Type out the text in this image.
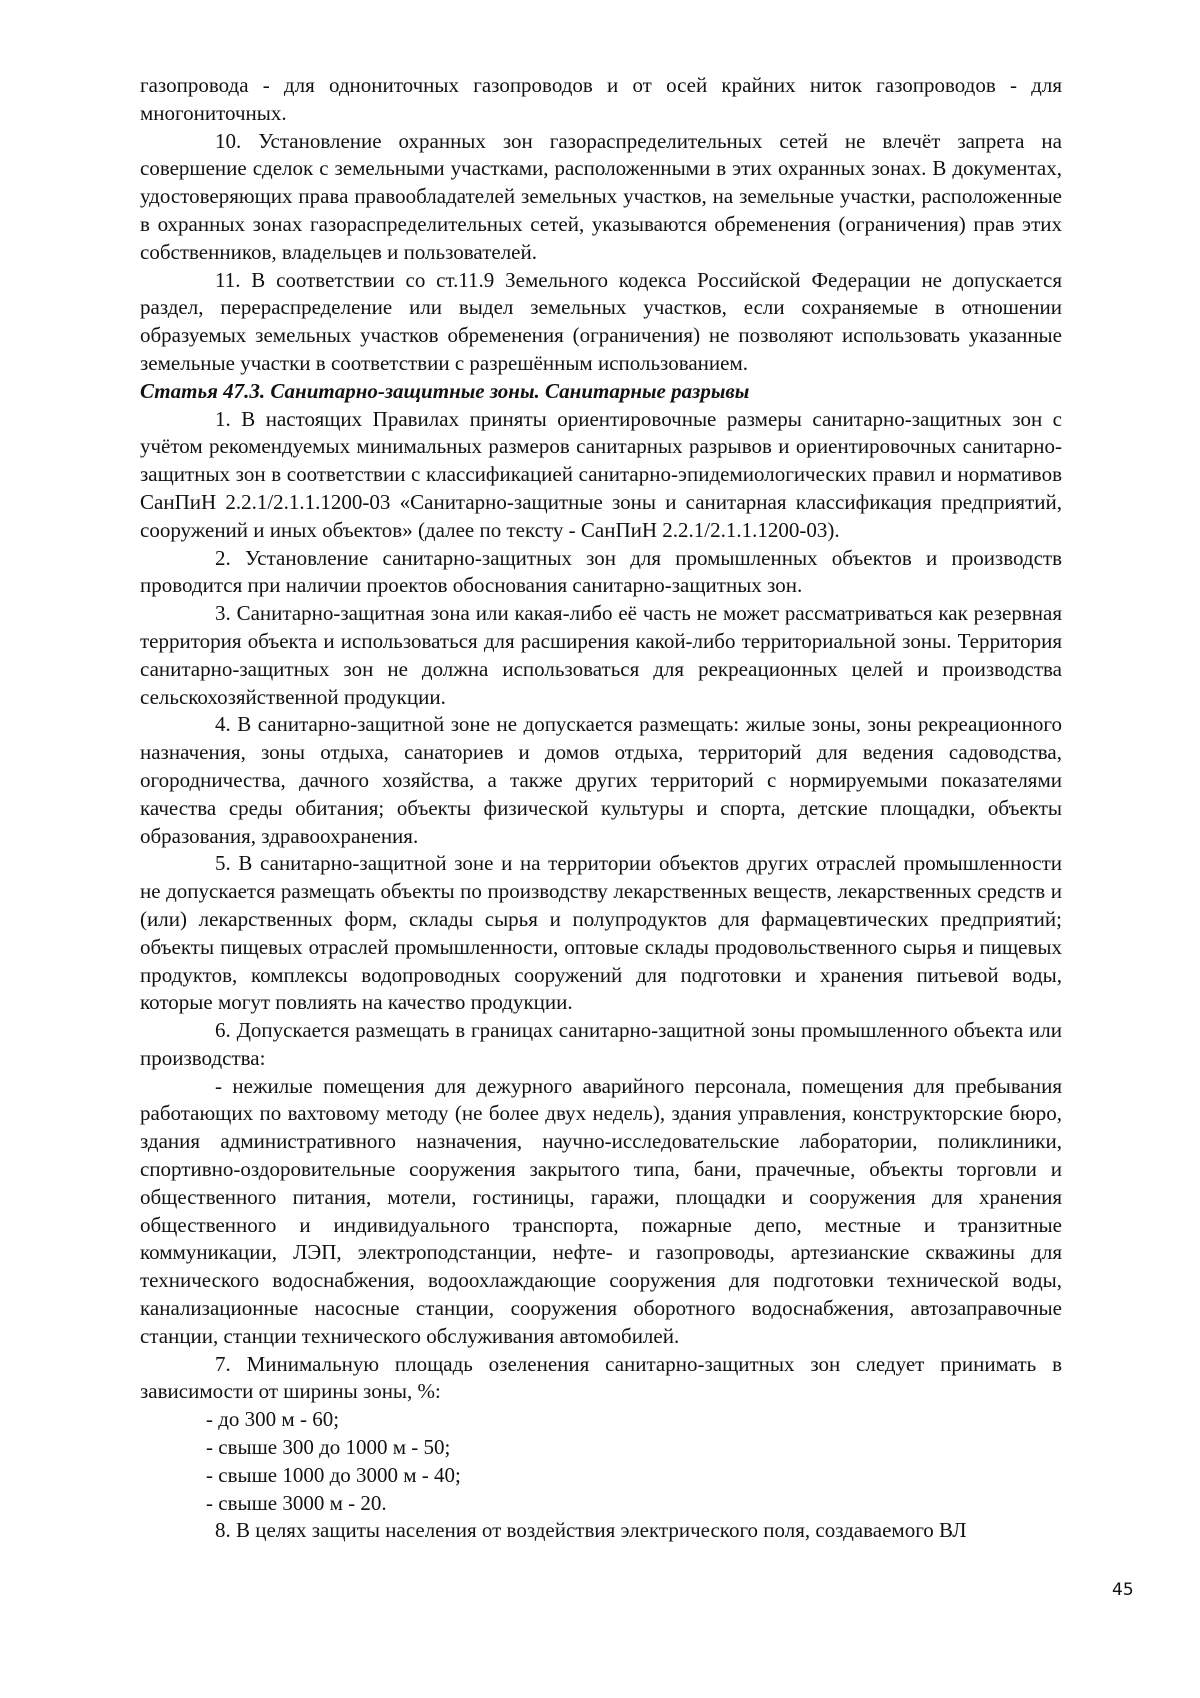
газопровода - для однониточных газопроводов и от осей крайних ниток газопроводов - для многониточных.

10. Установление охранных зон газораспределительных сетей не влечёт запрета на совершение сделок с земельными участками, расположенными в этих охранных зонах. В документах, удостоверяющих права правообладателей земельных участков, на земельные участки, расположенные в охранных зонах газораспределительных сетей, указываются обременения (ограничения) прав этих собственников, владельцев и пользователей.

11. В соответствии со ст.11.9 Земельного кодекса Российской Федерации не допускается раздел, перераспределение или выдел земельных участков, если сохраняемые в отношении образуемых земельных участков обременения (ограничения) не позволяют использовать указанные земельные участки в соответствии с разрешённым использованием.

Статья 47.3. Санитарно-защитные зоны. Санитарные разрывы

1. В настоящих Правилах приняты ориентировочные размеры санитарно-защитных зон с учётом рекомендуемых минимальных размеров санитарных разрывов и ориентировочных санитарно-защитных зон в соответствии с классификацией санитарно-эпидемиологических правил и нормативов СанПиН 2.2.1/2.1.1.1200-03 «Санитарно-защитные зоны и санитарная классификация предприятий, сооружений и иных объектов» (далее по тексту - СанПиН 2.2.1/2.1.1.1200-03).

2. Установление санитарно-защитных зон для промышленных объектов и производств проводится при наличии проектов обоснования санитарно-защитных зон.

3. Санитарно-защитная зона или какая-либо её часть не может рассматриваться как резервная территория объекта и использоваться для расширения какой-либо территориальной зоны. Территория санитарно-защитных зон не должна использоваться для рекреационных целей и производства сельскохозяйственной продукции.

4. В санитарно-защитной зоне не допускается размещать: жилые зоны, зоны рекреационного назначения, зоны отдыха, санаториев и домов отдыха, территорий для ведения садоводства, огородничества, дачного хозяйства, а также других территорий с нормируемыми показателями качества среды обитания; объекты физической культуры и спорта, детские площадки, объекты образования, здравоохранения.

5. В санитарно-защитной зоне и на территории объектов других отраслей промышленности не допускается размещать объекты по производству лекарственных веществ, лекарственных средств и (или) лекарственных форм, склады сырья и полупродуктов для фармацевтических предприятий; объекты пищевых отраслей промышленности, оптовые склады продовольственного сырья и пищевых продуктов, комплексы водопроводных сооружений для подготовки и хранения питьевой воды, которые могут повлиять на качество продукции.

6. Допускается размещать в границах санитарно-защитной зоны промышленного объекта или производства:

- нежилые помещения для дежурного аварийного персонала, помещения для пребывания работающих по вахтовому методу (не более двух недель), здания управления, конструкторские бюро, здания административного назначения, научно-исследовательские лаборатории, поликлиники, спортивно-оздоровительные сооружения закрытого типа, бани, прачечные, объекты торговли и общественного питания, мотели, гостиницы, гаражи, площадки и сооружения для хранения общественного и индивидуального транспорта, пожарные депо, местные и транзитные коммуникации, ЛЭП, электроподстанции, нефте- и газопроводы, артезианские скважины для технического водоснабжения, водоохлаждающие сооружения для подготовки технической воды, канализационные насосные станции, сооружения оборотного водоснабжения, автозаправочные станции, станции технического обслуживания автомобилей.

7. Минимальную площадь озеленения санитарно-защитных зон следует принимать в зависимости от ширины зоны, %:

- до 300 м - 60;

- свыше 300 до 1000 м - 50;

- свыше 1000 до 3000 м - 40;

- свыше 3000 м - 20.

8. В целях защиты населения от воздействия электрического поля, создаваемого ВЛ

45
